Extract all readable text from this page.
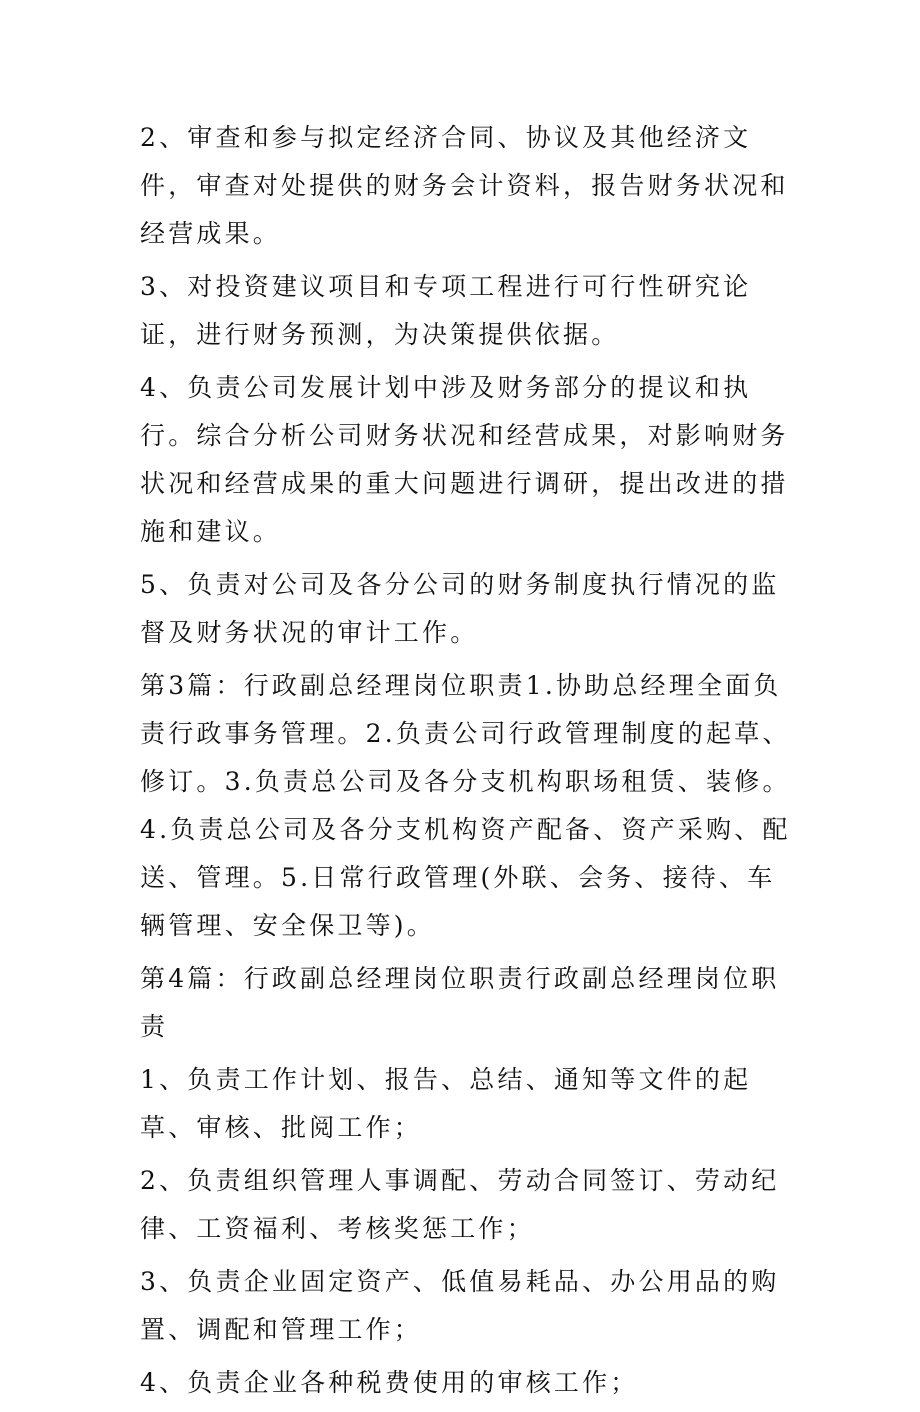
2、审查和参与拟定经济合同、协议及其他经济文件，审查对处提供的财务会计资料，报告财务状况和经营成果。

3、对投资建议项目和专项工程进行可行性研究论证，进行财务预测，为决策提供依据。

4、负责公司发展计划中涉及财务部分的提议和执行。综合分析公司财务状况和经营成果，对影响财务状况和经营成果的重大问题进行调研，提出改进的措施和建议。

5、负责对公司及各分公司的财务制度执行情况的监督及财务状况的审计工作。

第3篇：行政副总经理岗位职责1.协助总经理全面负责行政事务管理。2.负责公司行政管理制度的起草、修订。3.负责总公司及各分支机构职场租赁、装修。4.负责总公司及各分支机构资产配备、资产采购、配送、管理。5.日常行政管理(外联、会务、接待、车辆管理、安全保卫等)。

第4篇：行政副总经理岗位职责行政副总经理岗位职责

1、负责工作计划、报告、总结、通知等文件的起草、审核、批阅工作；

2、负责组织管理人事调配、劳动合同签订、劳动纪律、工资福利、考核奖惩工作；

3、负责企业固定资产、低值易耗品、办公用品的购置、调配和管理工作；

4、负责企业各种税费使用的审核工作；
